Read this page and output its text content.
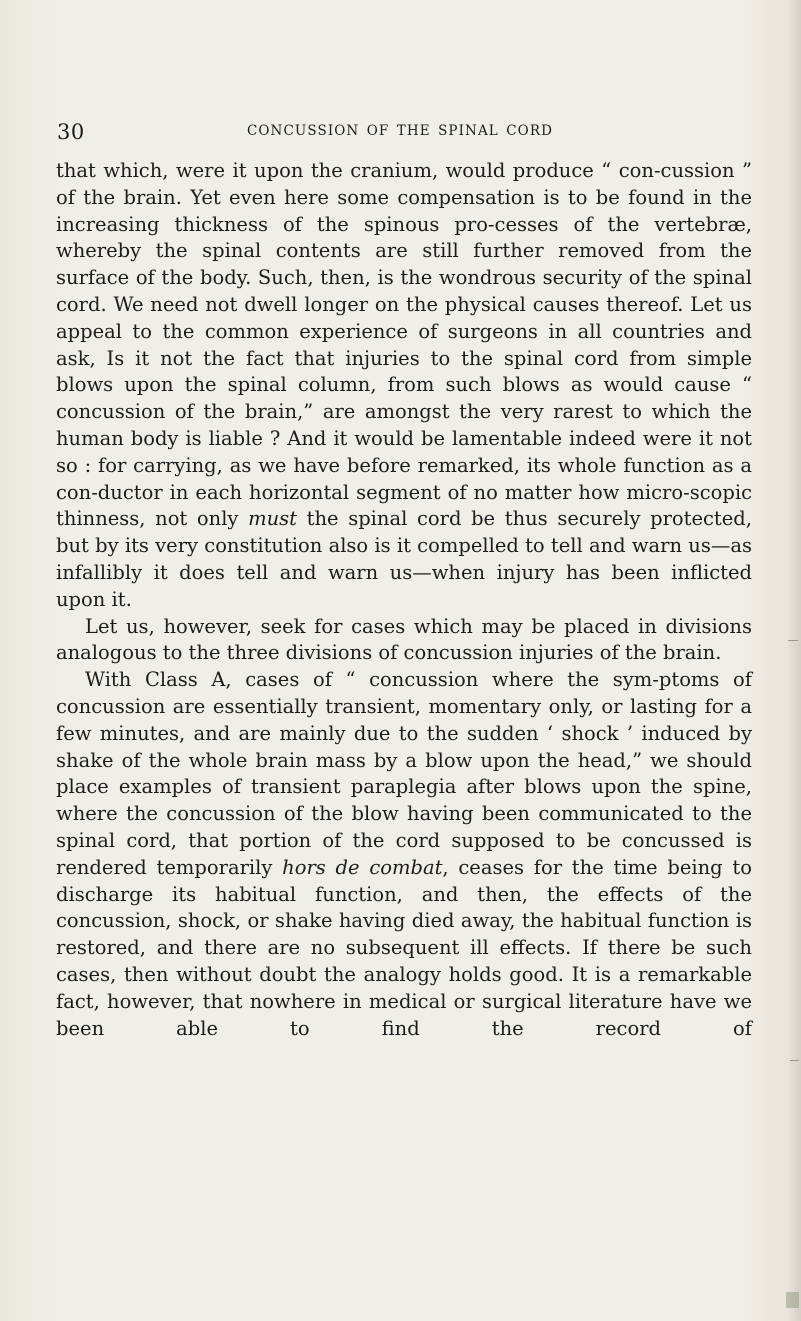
30	CONCUSSION OF THE SPINAL CORD

that which, were it upon the cranium, would produce “ con-cussion ” of the brain. Yet even here some compensation is to be found in the increasing thickness of the spinous pro-cesses of the vertebræ, whereby the spinal contents are still further removed from the surface of the body. Such, then, is the wondrous security of the spinal cord. We need not dwell longer on the physical causes thereof. Let us appeal to the common experience of surgeons in all countries and ask, Is it not the fact that injuries to the spinal cord from simple blows upon the spinal column, from such blows as would cause “ concussion of the brain,” are amongst the very rarest to which the human body is liable ? And it would be lamentable indeed were it not so : for carrying, as we have before remarked, its whole function as a con-ductor in each horizontal segment of no matter how micro-scopic thinness, not only must the spinal cord be thus securely protected, but by its very constitution also is it compelled to tell and warn us—as infallibly it does tell and warn us—when injury has been inflicted upon it.

Let us, however, seek for cases which may be placed in divisions analogous to the three divisions of concussion injuries of the brain.

With Class A, cases of “ concussion where the sym-ptoms of concussion are essentially transient, momentary only, or lasting for a few minutes, and are mainly due to the sudden ‘ shock ’ induced by shake of the whole brain mass by a blow upon the head,” we should place examples of transient paraplegia after blows upon the spine, where the concussion of the blow having been communicated to the spinal cord, that portion of the cord supposed to be concussed is rendered temporarily hors de combat, ceases for the time being to discharge its habitual function, and then, the effects of the concussion, shock, or shake having died away, the habitual function is restored, and there are no subsequent ill effects. If there be such cases, then without doubt the analogy holds good. It is a remarkable fact, however, that nowhere in medical or surgical literature have we been able to find the record of
